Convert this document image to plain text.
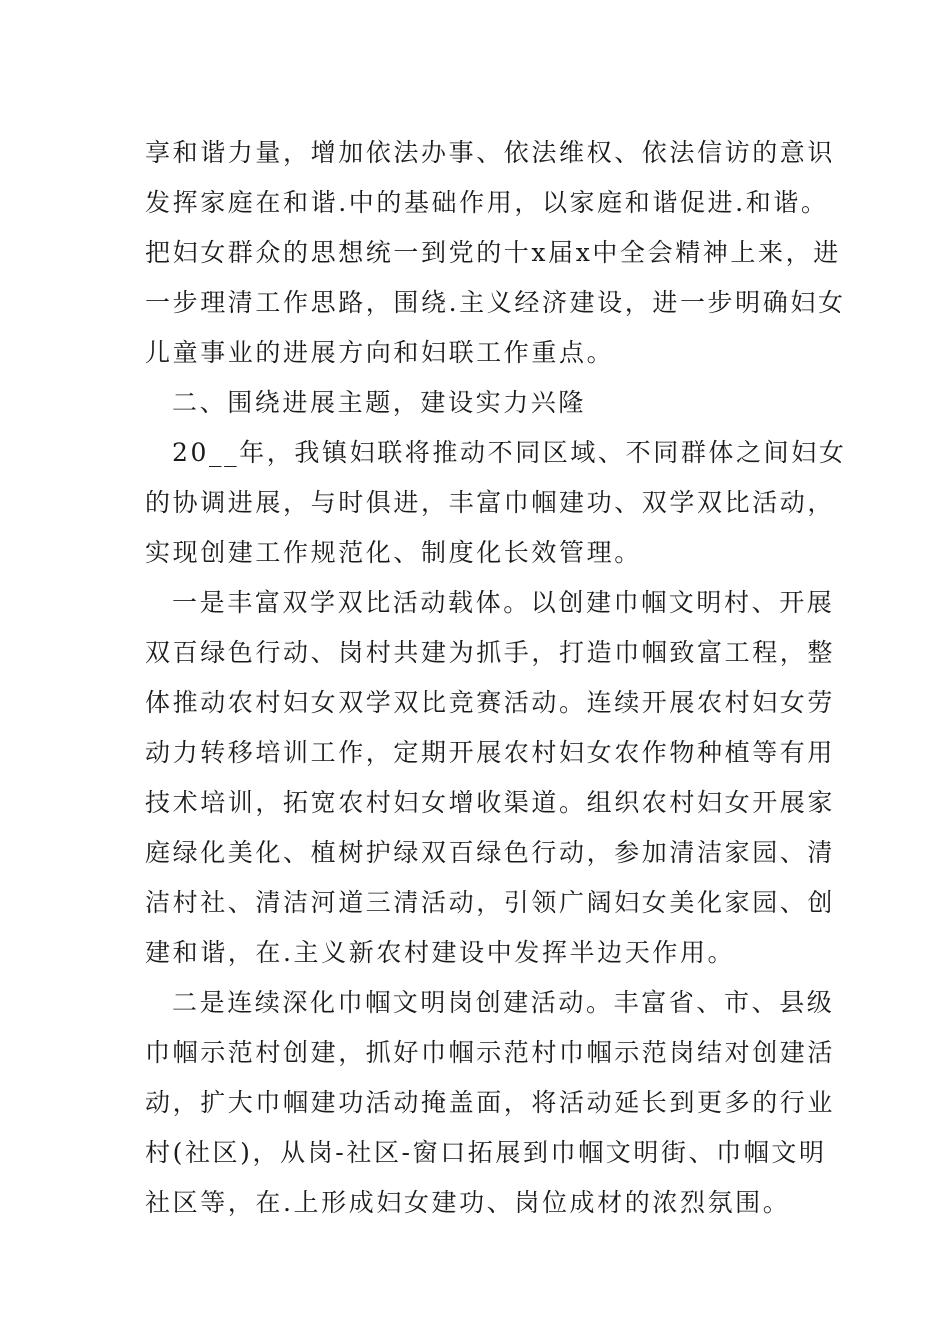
享和谐力量，增加依法办事、依法维权、依法信访的意识
发挥家庭在和谐.中的基础作用，以家庭和谐促进.和谐。
把妇女群众的思想统一到党的十x届x中全会精神上来，进
一步理清工作思路，围绕.主义经济建设，进一步明确妇女
儿童事业的进展方向和妇联工作重点。
二、围绕进展主题，建设实力兴隆
20__年，我镇妇联将推动不同区域、不同群体之间妇女
的协调进展，与时俱进，丰富巾帼建功、双学双比活动，
实现创建工作规范化、制度化长效管理。
一是丰富双学双比活动载体。以创建巾帼文明村、开展
双百绿色行动、岗村共建为抓手，打造巾帼致富工程，整
体推动农村妇女双学双比竞赛活动。连续开展农村妇女劳
动力转移培训工作，定期开展农村妇女农作物种植等有用
技术培训，拓宽农村妇女增收渠道。组织农村妇女开展家
庭绿化美化、植树护绿双百绿色行动，参加清洁家园、清
洁村社、清洁河道三清活动，引领广阔妇女美化家园、创
建和谐，在.主义新农村建设中发挥半边天作用。
二是连续深化巾帼文明岗创建活动。丰富省、市、县级
巾帼示范村创建，抓好巾帼示范村巾帼示范岗结对创建活
动，扩大巾帼建功活动掩盖面，将活动延长到更多的行业
村(社区)，从岗-社区-窗口拓展到巾帼文明街、巾帼文明
社区等，在.上形成妇女建功、岗位成材的浓烈氛围。
